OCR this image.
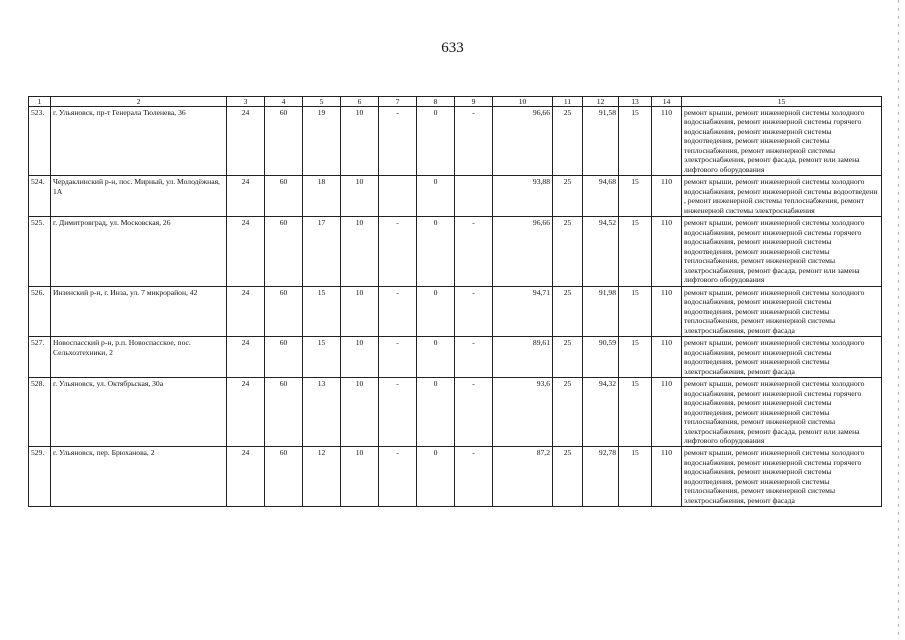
633
1	2	3	4	5	6	7	8	9	10	11	12	13	14	15
523.	г. Ульяновск, пр-т Генерала Тюленева, 36	24	60	19	10	-	0	-	96,66	25	91,58	15	110	ремонт крыши, ремонт инженерной системы холодного водоснабжения, ремонт инженерной системы горячего водоснабжения, ремонт инженерной системы водоотведения, ремонт инженерной системы теплоснабжения, ремонт инженерной системы электроснабжения, ремонт фасада, ремонт или замена лифтового оборудования
524.	Чердаклинский р-н, пос. Мирный, ул. Молодёжная, 1А	24	60	18	10		0		93,88	25	94,68	15	110	ремонт крыши, ремонт инженерной системы холодного водоснабжения, ремонт инженерной системы водоотведени , ремонт инженерной системы теплоснабжения, ремонт инженерной системы электроснабжения
525.	г. Димитровград, ул. Московская, 26	24	60	17	10	-	0	-	96,66	25	94,52	15	110	ремонт крыши, ремонт инженерной системы холодного водоснабжения, ремонт инженерной системы горячего водоснабжения, ремонт инженерной системы водоотведения, ремонт инженерной системы теплоснабжения, ремонт инженерной системы электроснабжения, ремонт фасада, ремонт или замена лифтового оборудования
526.	Инзенский р-н, г. Инза, ул. 7 микрорайон, 42	24	60	15	10	-	0	-	94,71	25	91,98	15	110	ремонт крыши, ремонт инженерной системы холодного водоснабжения, ремонт инженерной системы водоотведения, ремонт инженерной системы теплоснабжения, ремонт инженерной системы электроснабжения, ремонт фасада
527.	Новоспасский р-н, р.п. Новоспасское, пос. Сельхозтехники, 2	24	60	15	10	-	0	-	89,61	25	90,59	15	110	ремонт крыши, ремонт инженерной системы холодного водоснабжения, ремонт инженерной системы водоотведения, ремонт инженерной системы электроснабжения, ремонт фасада
528.	г. Ульяновск, ул. Октябрьская, 30а	24	60	13	10	-	0	-	93,6	25	94,32	15	110	ремонт крыши, ремонт инженерной системы холодного водоснабжения, ремонт инженерной системы горячего водоснабжения, ремонт инженерной системы водоотведения, ремонт инженерной системы теплоснабжения, ремонт инженерной системы электроснабжения, ремонт фасада, ремонт или замена лифтового оборудования
529.	г. Ульяновск, пер. Брюханова, 2	24	60	12	10	-	0	-	87,2	25	92,78	15	110	ремонт крыши, ремонт инженерной системы холодного водоснабжения, ремонт инженерной системы горячего водоснабжения, ремонт инженерной системы водоотведения, ремонт инженерной системы теплоснабжения, ремонт инженерной системы электроснабжения, ремонт фасада
